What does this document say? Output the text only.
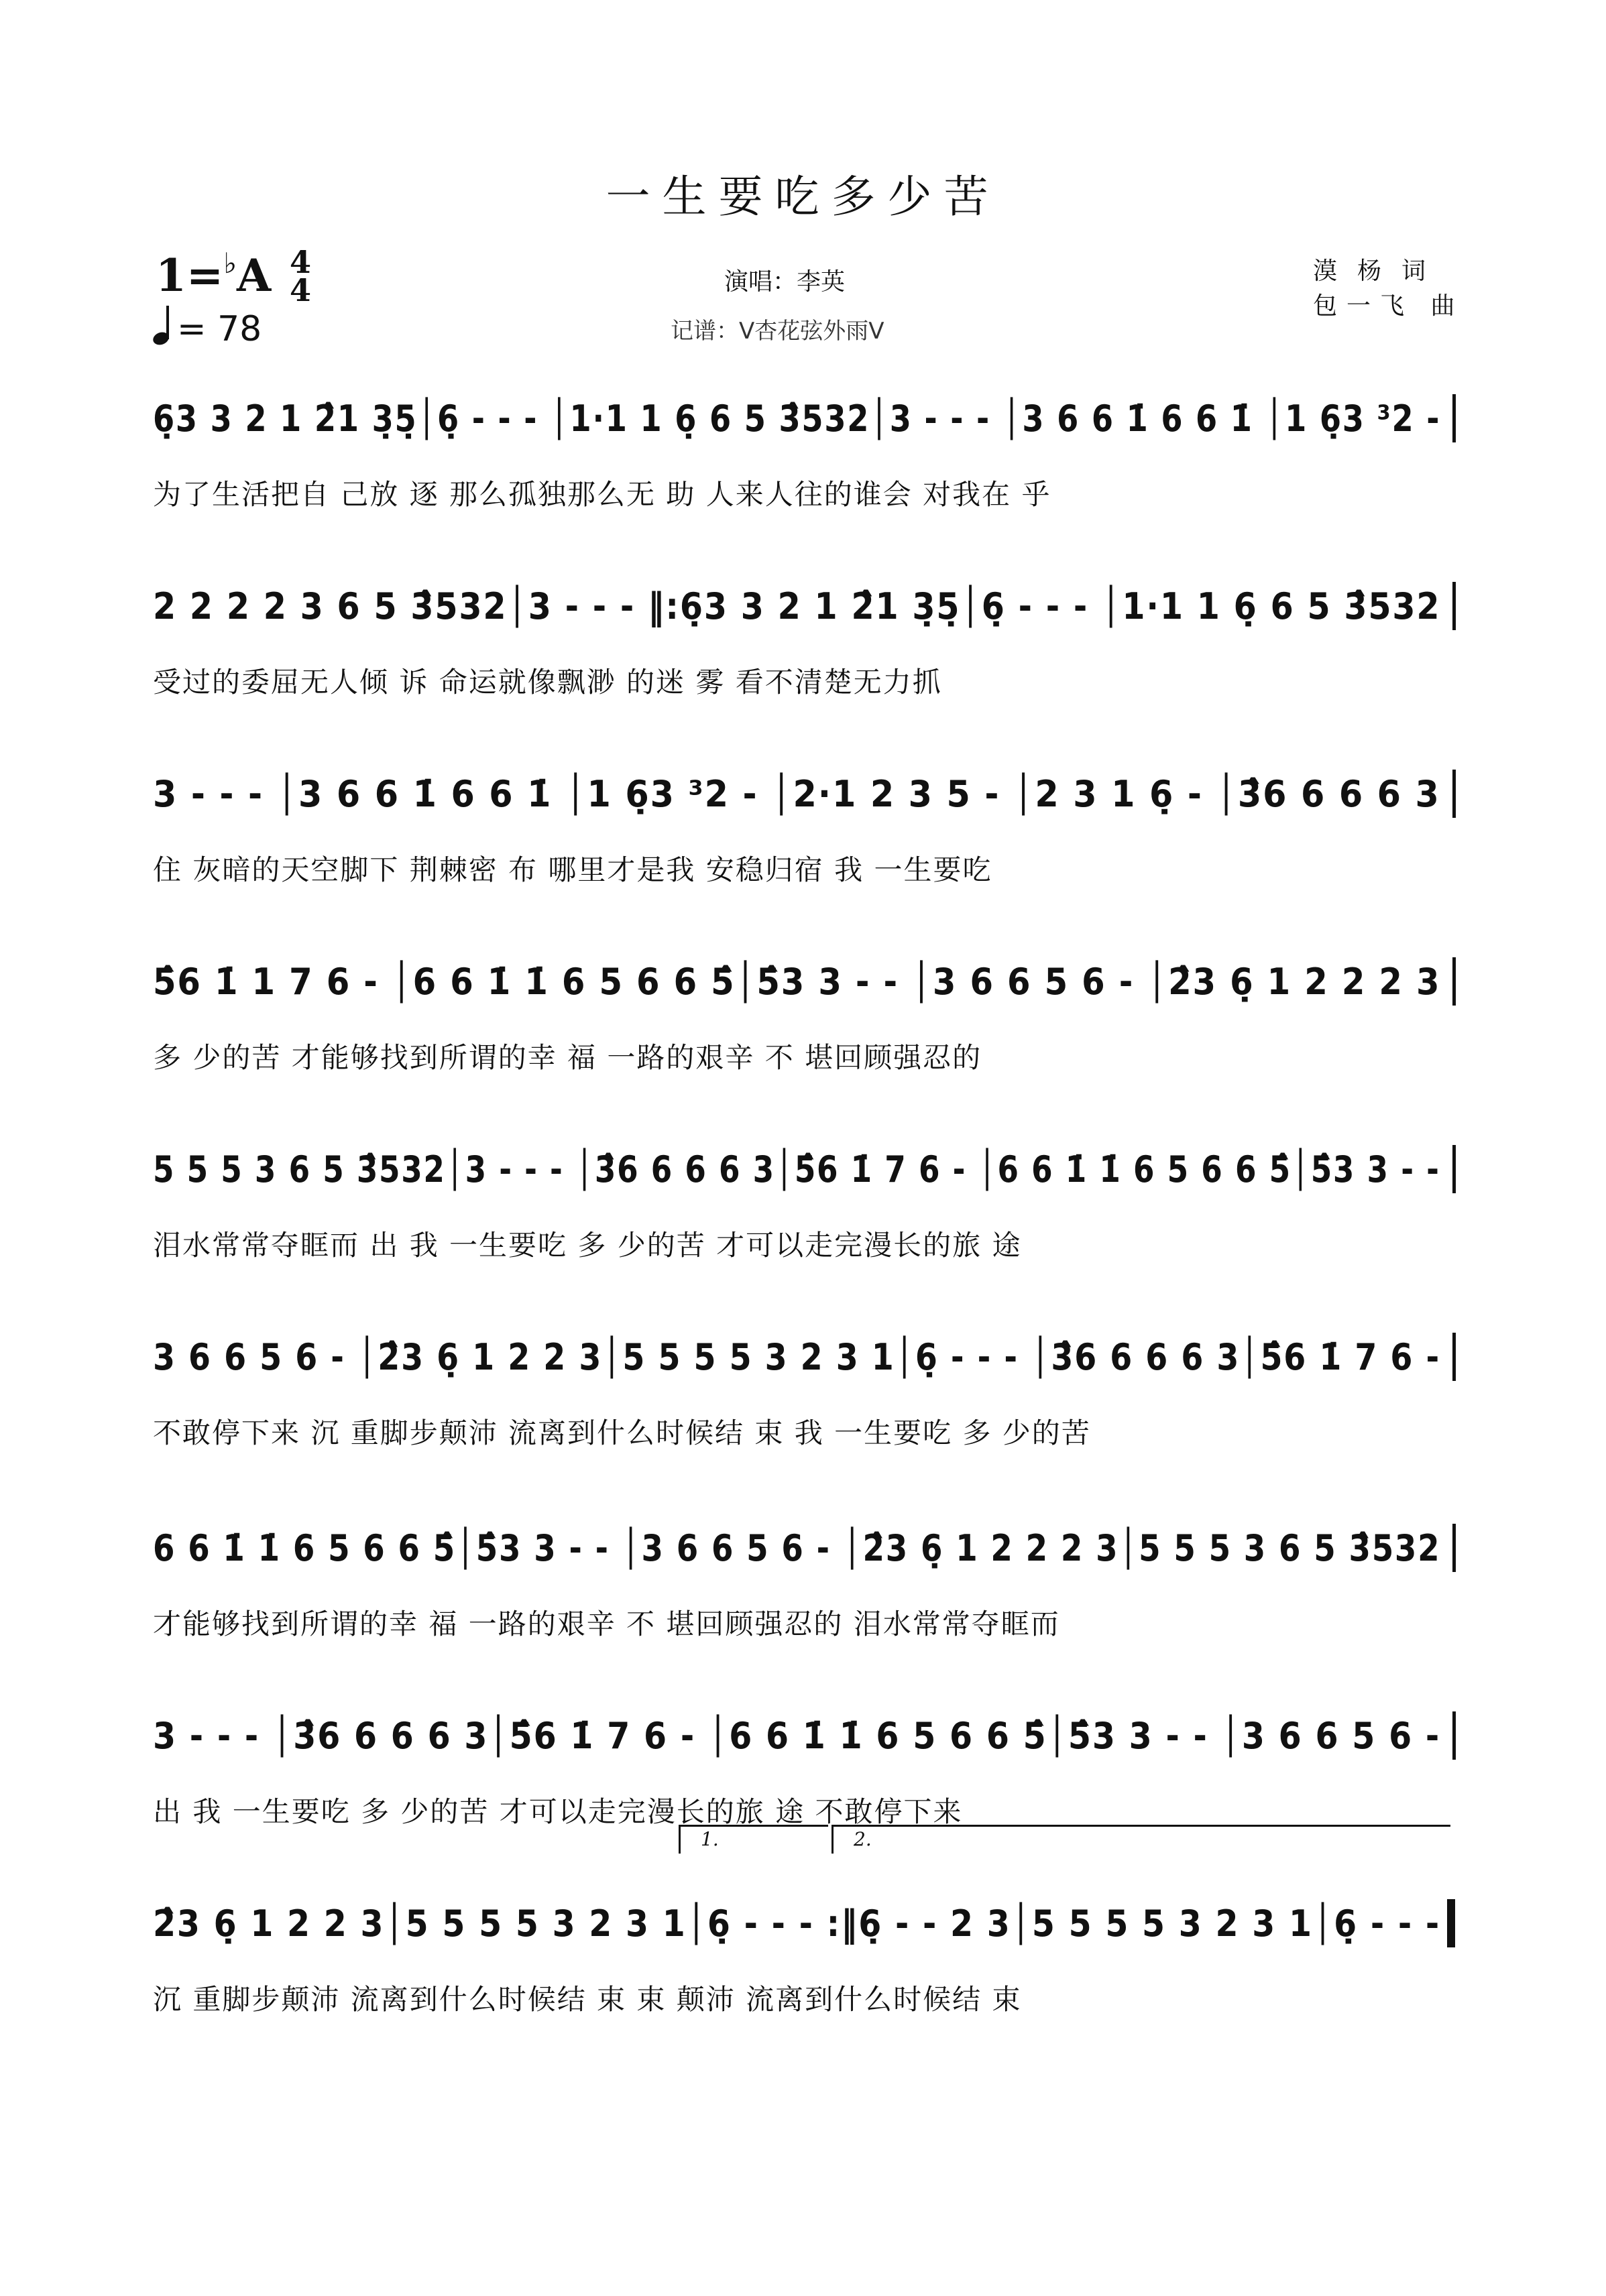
一生要吃多少苦
1=♭A 4
4
= 78
演唱：李英
记谱：V杏花弦外雨V
漠杨词
包一飞 曲
6̣3 3 2 1 2̂1 3̣5̣│6̣ - - - │1·1 1 6̣ 6 5 3̂532│3 - - - │3 6 6 1̇ 6 6 1̇ │1 6̣3 ³2 -
为了生活把自 己放 逐 那么孤独那么无 助 人来人往的谁会 对我在 乎
2 2 2 2 3 6 5 3̂532│3 - - - ‖:6̣3 3 2 1 2̂1 3̣5̣│6̣ - - - │1·1 1 6̣ 6 5 3̂532
受过的委屈无人倾 诉 命运就像飘渺 的迷 雾 看不清楚无力抓
3 - - - │3 6 6 1̇ 6 6 1̇ │1 6̣3 ³2 - │2·1 2 3 5 - │2 3 1 6̣ - │3̂6 6 6 6 3
住 灰暗的天空脚下 荆棘密 布 哪里才是我 安稳归宿 我 一生要吃
5̂6 1̇ 1 7 6 - │6 6 1̇ 1̇ 6 5 6 6 5̂│5̂3 3 - - │3 6 6 5 6 - │2̂3 6̣ 1 2 2 2 3
多 少的苦 才能够找到所谓的幸 福 一路的艰辛 不 堪回顾强忍的
5 5 5 3 6 5 3̂532│3 - - - │3̂6 6 6 6 3│5̂6 1̇ 7 6 - │6 6 1̇ 1̇ 6 5 6 6 5̂│5̂3 3 - -
泪水常常夺眶而 出 我 一生要吃 多 少的苦 才可以走完漫长的旅 途
3 6 6 5 6 - │2̂3 6̣ 1 2 2 3│5 5 5 5 3 2 3 1│6̣ - - - │3̂6 6 6 6 3│5̂6 1̇ 7 6 -
不敢停下来 沉 重脚步颠沛 流离到什么时候结 束 我 一生要吃 多 少的苦
6 6 1̇ 1̇ 6 5 6 6 5̂│5̂3 3 - - │3 6 6 5 6 - │2̂3 6̣ 1 2 2 2 3│5 5 5 3 6 5 3̂532
才能够找到所谓的幸 福 一路的艰辛 不 堪回顾强忍的 泪水常常夺眶而
3 - - - │3̂6 6 6 6 3│5̂6 1̇ 7 6 - │6 6 1̇ 1̇ 6 5 6 6 5̂│5̂3 3 - - │3 6 6 5 6 -
出 我 一生要吃 多 少的苦 才可以走完漫长的旅 途 不敢停下来
2̂3 6̣ 1 2 2 3│5 5 5 5 3 2 3 1│6̣ - - - :‖6̣ - - 2 3│5 5 5 5 3 2 3 1│6̣ - - -
沉 重脚步颠沛 流离到什么时候结 束 束 颠沛 流离到什么时候结 束
1.	2.
